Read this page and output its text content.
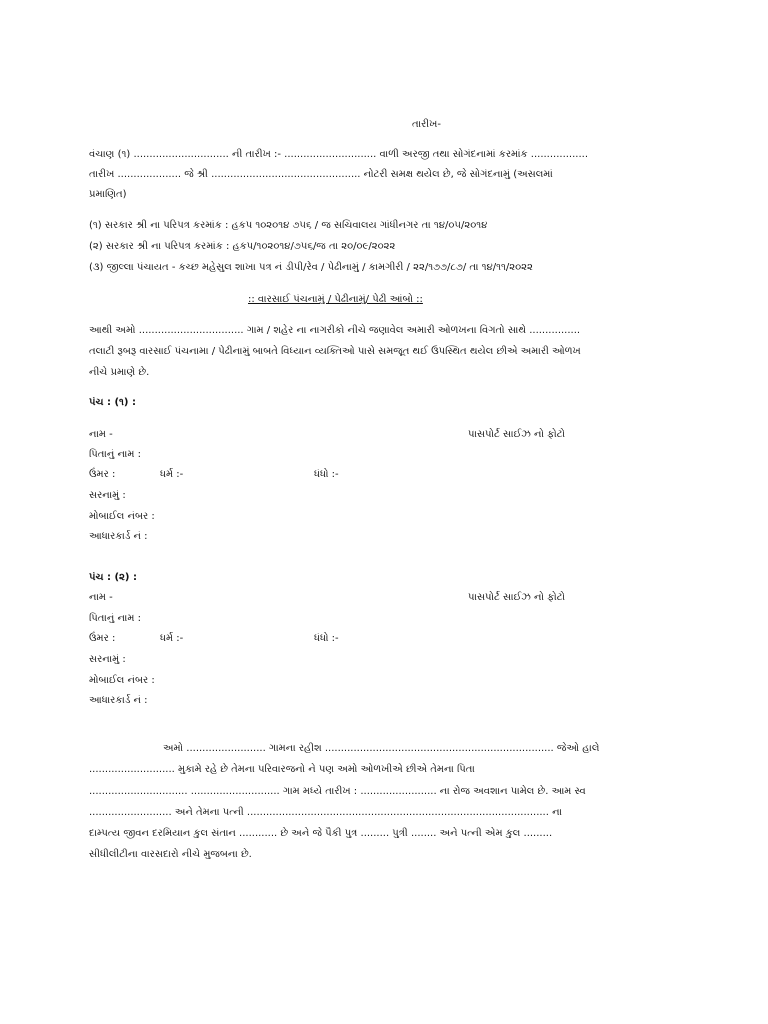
તારીખ-
વંચાણ (૧) .............................. ની તારીખ :- ............................. વાળી અરજી તથા સોગંદનામાં કરમાંક ..................
તારીખ .................... જે શ્રી ............................................... નોટરી સમક્ષ થયેલ છે, જે સોગંદનામું (અસલમાં
પ્રમાણિત)
(૧) સરકાર શ્રી ના પરિપત્ર કરમાંક : હકપ ૧૦૨૦૧૪ ૭૫૬ / જ સચિવાલય ગાંધીનગર તા ૧૪/૦૫/૨૦૧૪
(૨) સરકાર શ્રી ના પરિપત્ર કરમાંક : હકપ/૧૦૨૦૧૪/૭૫૬/જ તા ૨૦/૦૯/૨૦૨૨
(૩) જીલ્લા પંચાયત - કચ્છ મહેસુલ શાખા પત્ર નં ડીપી/રેવ / પેઢીનામું / કામગીરી / ૨૨/૧૭૭/૮૭/ તા ૧૪/૧૧/૨૦૨૨
:: વારસાઈ પંચનામું / પેઢીનામું/ પેઢી આંબો ::
આથી અમો ................................. ગામ / શહેર ના નાગરીકો નીચે જણાવેલ અમારી ઓળખના વિગતો સાથે ................
તલાટી રૂબરૂ વારસાઈ પંચનામા / પેઢીનામું બાબતે વિધ્યાન વ્યક્તિઓ પાસે સમજૂત થઈ ઉપસ્થિત થયેલ છીએ અમારી ઓળખ
નીચે પ્રમાણે છે.
પંચ : (૧) :
નામ -	પાસપોર્ટ સાઈઝ નો ફોટો
પિતાનું નામ :
ઉંમર :	ધર્મ :-	ધંધો :-
સરનામું :
મોબાઈલ નંબર :
આધારકાર્ડ નં :
પંચ : (૨) :
નામ -	પાસપોર્ટ સાઈઝ નો ફોટો
પિતાનું નામ :
ઉંમર :	ધર્મ :-	ધંધો :-
સરનામું :
મોબાઈલ નંબર :
આધારકાર્ડ નં :
અમો ......................... ગામના રહીશ ........................................................................ જેઓ હાલે
........................... મુકામે રહે છે તેમના પરિવારજનો ને પણ અમો ઓળખીએ છીએ તેમના પિતા
............................... ............................ ગામ મધ્યે તારીખ : ........................ ના રોજ અવશાન પામેલ છે. આમ સ્વ
.......................... અને તેમના પત્ની ............................................................................................... ના
દામ્પત્ય જીવન દરમિયાન કુલ સંતાન ............ છે અને જે પૈકી પુત્ર ......... પુત્રી ........ અને પત્ની એમ કુલ .........
સીધીલીટીના વારસદારો નીચે મુજબના છે.
